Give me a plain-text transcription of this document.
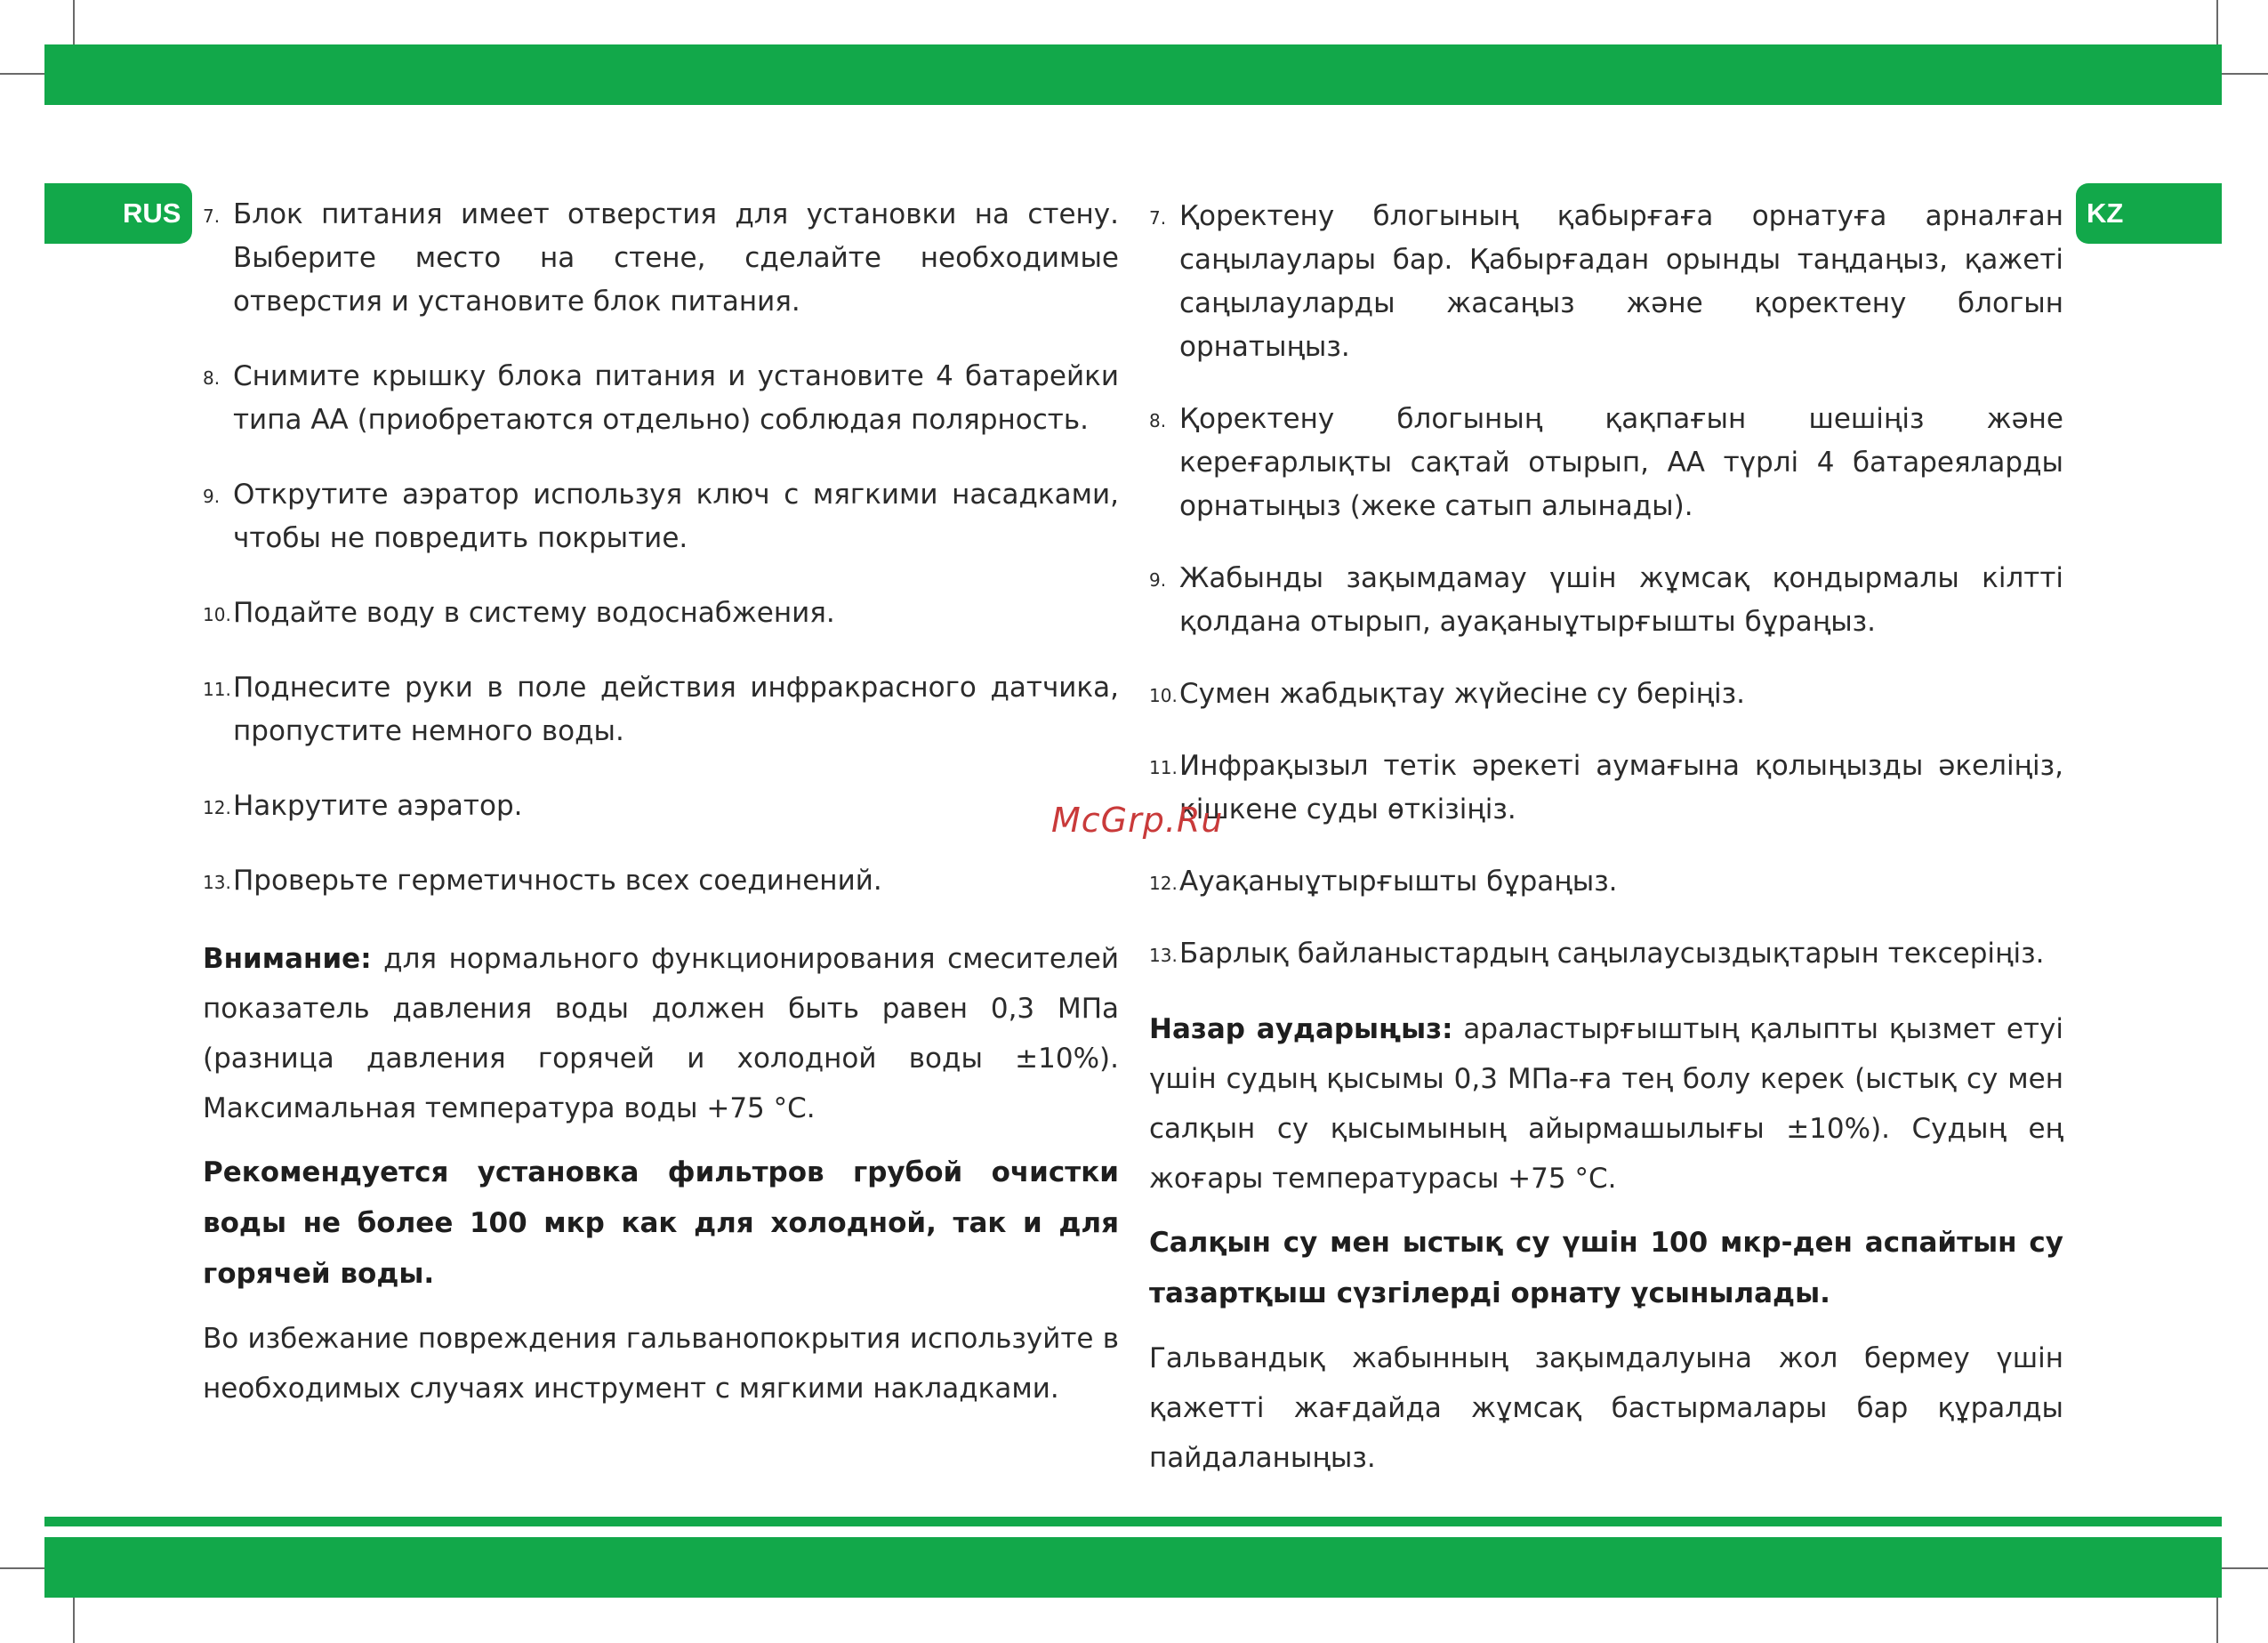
RUS	KZ
7. Блок питания имеет отверстия для установки на стену. Выберите место на стене, сделайте необходимые отверстия и установите блок питания.
8. Снимите крышку блока питания и установите 4 батарейки типа АА (приобретаются отдельно) соблюдая полярность.
9. Открутите аэратор используя ключ с мягкими насадками, чтобы не повредить покрытие.
10. Подайте воду в систему водоснабжения.
11. Поднесите руки в поле действия инфракрасного датчика, пропустите немного воды.
12. Накрутите аэратор.
13. Проверьте герметичность всех соединений.
Внимание: для нормального функционирования смесителей показатель давления воды должен быть равен 0,3 МПа (разница давления горячей и холодной воды ±10%). Максимальная температура воды +75 °С.
Рекомендуется установка фильтров грубой очистки воды не более 100 мкр как для холодной, так и для горячей воды.
Во избежание повреждения гальванопокрытия используйте в необходимых случаях инструмент с мягкими накладками.
7. Қоректену блогының қабырғаға орнатуға арналған саңылаулары бар. Қабырғадан орынды таңдаңыз, қажеті саңылауларды жасаңыз және қоректену блогын орнатыңыз.
8. Қоректену блогының қақпағын шешіңіз және кереғарлықты сақтай отырып, АА түрлі 4 батареяларды орнатыңыз (жеке сатып алынады).
9. Жабынды зақымдамау үшін жұмсақ қондырмалы кілтті қолдана отырып, ауақаныұтырғышты бұраңыз.
10. Сумен жабдықтау жүйесіне су беріңіз.
11. Инфрақызыл тетік әрекеті аумағына қолыңызды әкеліңіз, кішкене суды өткізіңіз.
12. Ауақаныұтырғышты бұраңыз.
13. Барлық байланыстардың саңылаусыздықтарын тексеріңіз.
Назар аударыңыз: араластырғыштың қалыпты қызмет етуі үшін судың қысымы 0,3 МПа-ға тең болу керек (ыстық су мен салқын су қысымының айырмашылығы ±10%). Судың ең жоғары температурасы +75 °С.
Салқын су мен ыстық су үшін 100 мкр-ден аспайтын су тазартқыш сүзгілерді орнату ұсынылады.
Гальвандық жабынның зақымдалуына жол бермеу үшін қажетті жағдайда жұмсақ бастырмалары бар құралды пайдаланыңыз.
McGrp.Ru
